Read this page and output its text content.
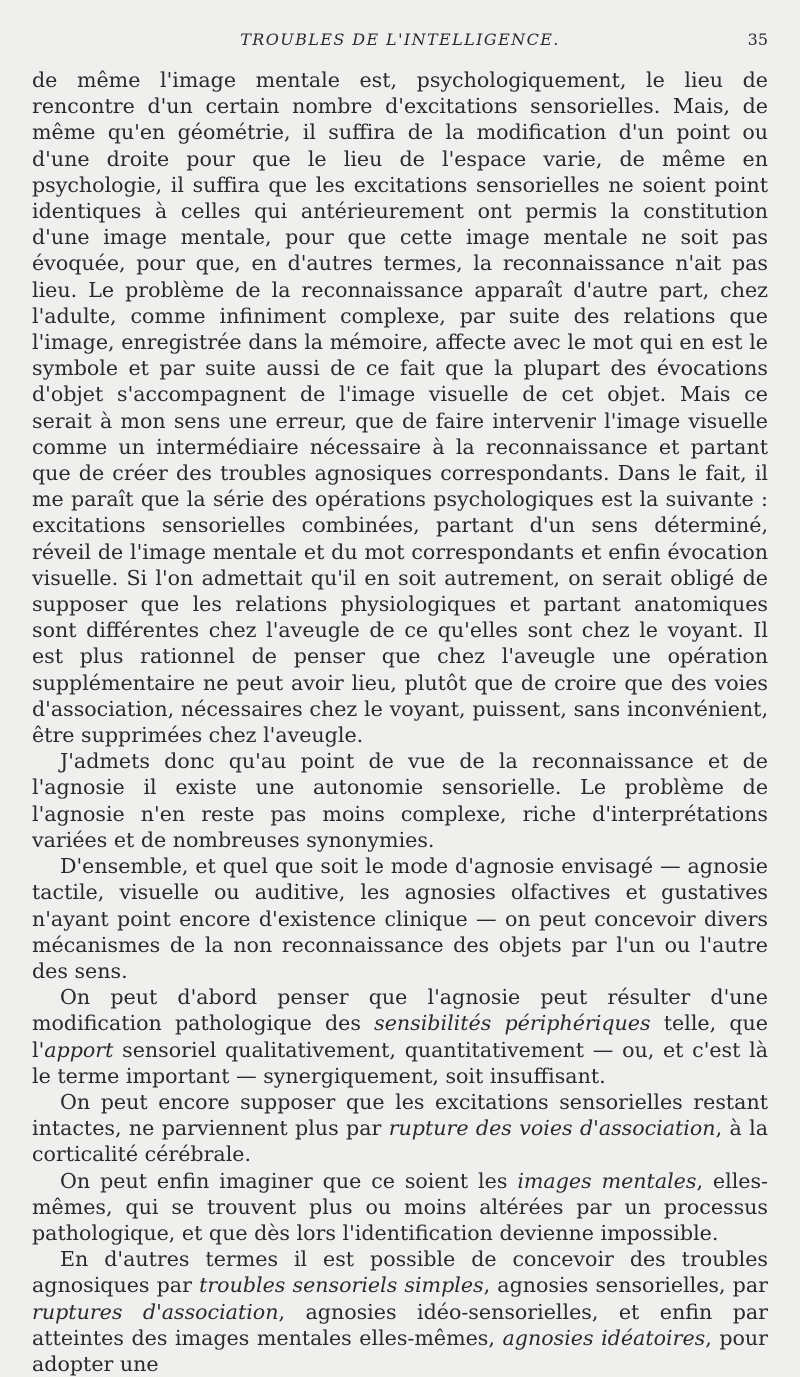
TROUBLES DE L'INTELLIGENCE.	35

de même l'image mentale est, psychologiquement, le lieu de rencontre d'un certain nombre d'excitations sensorielles. Mais, de même qu'en géométrie, il suffira de la modification d'un point ou d'une droite pour que le lieu de l'espace varie, de même en psychologie, il suffira que les excitations sensorielles ne soient point identiques à celles qui antérieurement ont permis la constitution d'une image mentale, pour que cette image mentale ne soit pas évoquée, pour que, en d'autres termes, la reconnaissance n'ait pas lieu. Le problème de la reconnaissance apparaît d'autre part, chez l'adulte, comme infiniment complexe, par suite des relations que l'image, enregistrée dans la mémoire, affecte avec le mot qui en est le symbole et par suite aussi de ce fait que la plupart des évocations d'objet s'accompagnent de l'image visuelle de cet objet. Mais ce serait à mon sens une erreur, que de faire intervenir l'image visuelle comme un intermédiaire nécessaire à la reconnaissance et partant que de créer des troubles agnosiques correspondants. Dans le fait, il me paraît que la série des opérations psychologiques est la suivante : excitations sensorielles combinées, partant d'un sens déterminé, réveil de l'image mentale et du mot correspondants et enfin évocation visuelle. Si l'on admettait qu'il en soit autrement, on serait obligé de supposer que les relations physiologiques et partant anatomiques sont différentes chez l'aveugle de ce qu'elles sont chez le voyant. Il est plus rationnel de penser que chez l'aveugle une opération supplémentaire ne peut avoir lieu, plutôt que de croire que des voies d'association, nécessaires chez le voyant, puissent, sans inconvénient, être supprimées chez l'aveugle.

J'admets donc qu'au point de vue de la reconnaissance et de l'agnosie il existe une autonomie sensorielle. Le problème de l'agnosie n'en reste pas moins complexe, riche d'interprétations variées et de nombreuses synonymies.

D'ensemble, et quel que soit le mode d'agnosie envisagé — agnosie tactile, visuelle ou auditive, les agnosies olfactives et gustatives n'ayant point encore d'existence clinique — on peut concevoir divers mécanismes de la non reconnaissance des objets par l'un ou l'autre des sens.

On peut d'abord penser que l'agnosie peut résulter d'une modification pathologique des sensibilités périphériques telle, que l'apport sensoriel qualitativement, quantitativement — ou, et c'est là le terme important — synergiquement, soit insuffisant.

On peut encore supposer que les excitations sensorielles restant intactes, ne parviennent plus par rupture des voies d'association, à la corticalité cérébrale.

On peut enfin imaginer que ce soient les images mentales, elles-mêmes, qui se trouvent plus ou moins altérées par un processus pathologique, et que dès lors l'identification devienne impossible.

En d'autres termes il est possible de concevoir des troubles agnosiques par troubles sensoriels simples, agnosies sensorielles, par ruptures d'association, agnosies idéo-sensorielles, et enfin par atteintes des images mentales elles-mêmes, agnosies idéatoires, pour adopter une
